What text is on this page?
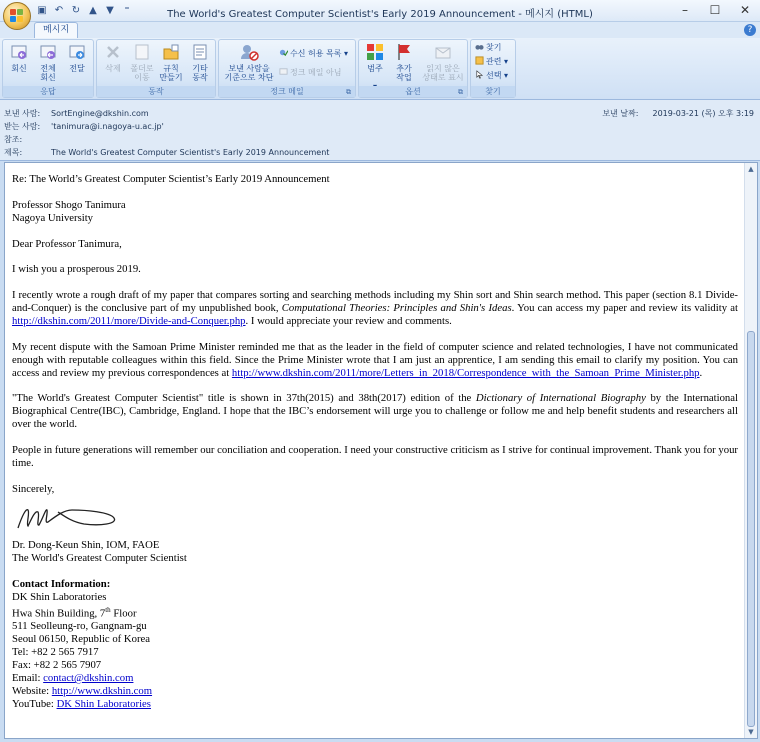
▣ ↶ ↻ ▲ ▼	⁼	The World's Greatest Computer Scientist's Early 2019 Announcement - 메시지 (HTML)	–	☐	✕
메시지	?
회신	전체
회신
전달
응답
삭제	폴더로
이동
규칙
만들기
기타
동작
동작
보낸 사람을
기준으로 차단
수신 허용 목록 ▾
정크 메일 아님
정크 메일	⧉
범주	추가
작업
읽지 않은
상태로 표시
옵션	⧉
찾기
관련 ▾
선택 ▾
찾기
보낸 사람: SortEngine@dkshin.com
받는 사람: 'tanimura@i.nagoya-u.ac.jp'
참조:
제목:	The World's Greatest Computer Scientist's Early 2019 Announcement
보낸 날짜: 2019-03-21 (목) 오후 3:19
Re: The World’s Greatest Computer Scientist’s Early 2019 Announcement
Professor Shogo Tanimura
Nagoya University
Dear Professor Tanimura,
I wish you a prosperous 2019.

I recently wrote a rough draft of my paper that compares sorting and searching methods including my Shin sort and Shin search method. This paper (section 8.1 Divide-and-Conquer) is the conclusive part of my unpublished book, Computational Theories: Principles and Shin's Ideas. You can access my paper and review its validity at http://dkshin.com/2011/more/Divide-and-Conquer.php. I would appreciate your review and comments.

My recent dispute with the Samoan Prime Minister reminded me that as the leader in the field of computer science and related technologies, I have not communicated enough with reputable colleagues within this field. Since the Prime Minister wrote that I am just an apprentice, I am sending this email to clarify my position. You can access and review my previous correspondences at http://www.dkshin.com/2011/more/Letters_in_2018/Correspondence_with_the_Samoan_Prime_Minister.php.

"The World's Greatest Computer Scientist" title is shown in 37th(2015) and 38th(2017) edition of the Dictionary of International Biography by the International Biographical Centre(IBC), Cambridge, England. I hope that the IBC’s endorsement will urge you to challenge or follow me and help benefit students and researchers all over the world.

People in future generations will remember our conciliation and cooperation. I need your constructive criticism as I strive for continual improvement. Thank you for your time.

Sincerely,
Dr. Dong-Keun Shin, IOM, FAOE
The World's Greatest Computer Scientist
Contact Information:
DK Shin Laboratories
Hwa Shin Building, 7th Floor
511 Seolleung-ro, Gangnam-gu
Seoul 06150, Republic of Korea
Tel: +82 2 565 7917
Fax: +82 2 565 7907
Email: contact@dkshin.com
Website: http://www.dkshin.com
YouTube: DK Shin Laboratories
▲
▼
